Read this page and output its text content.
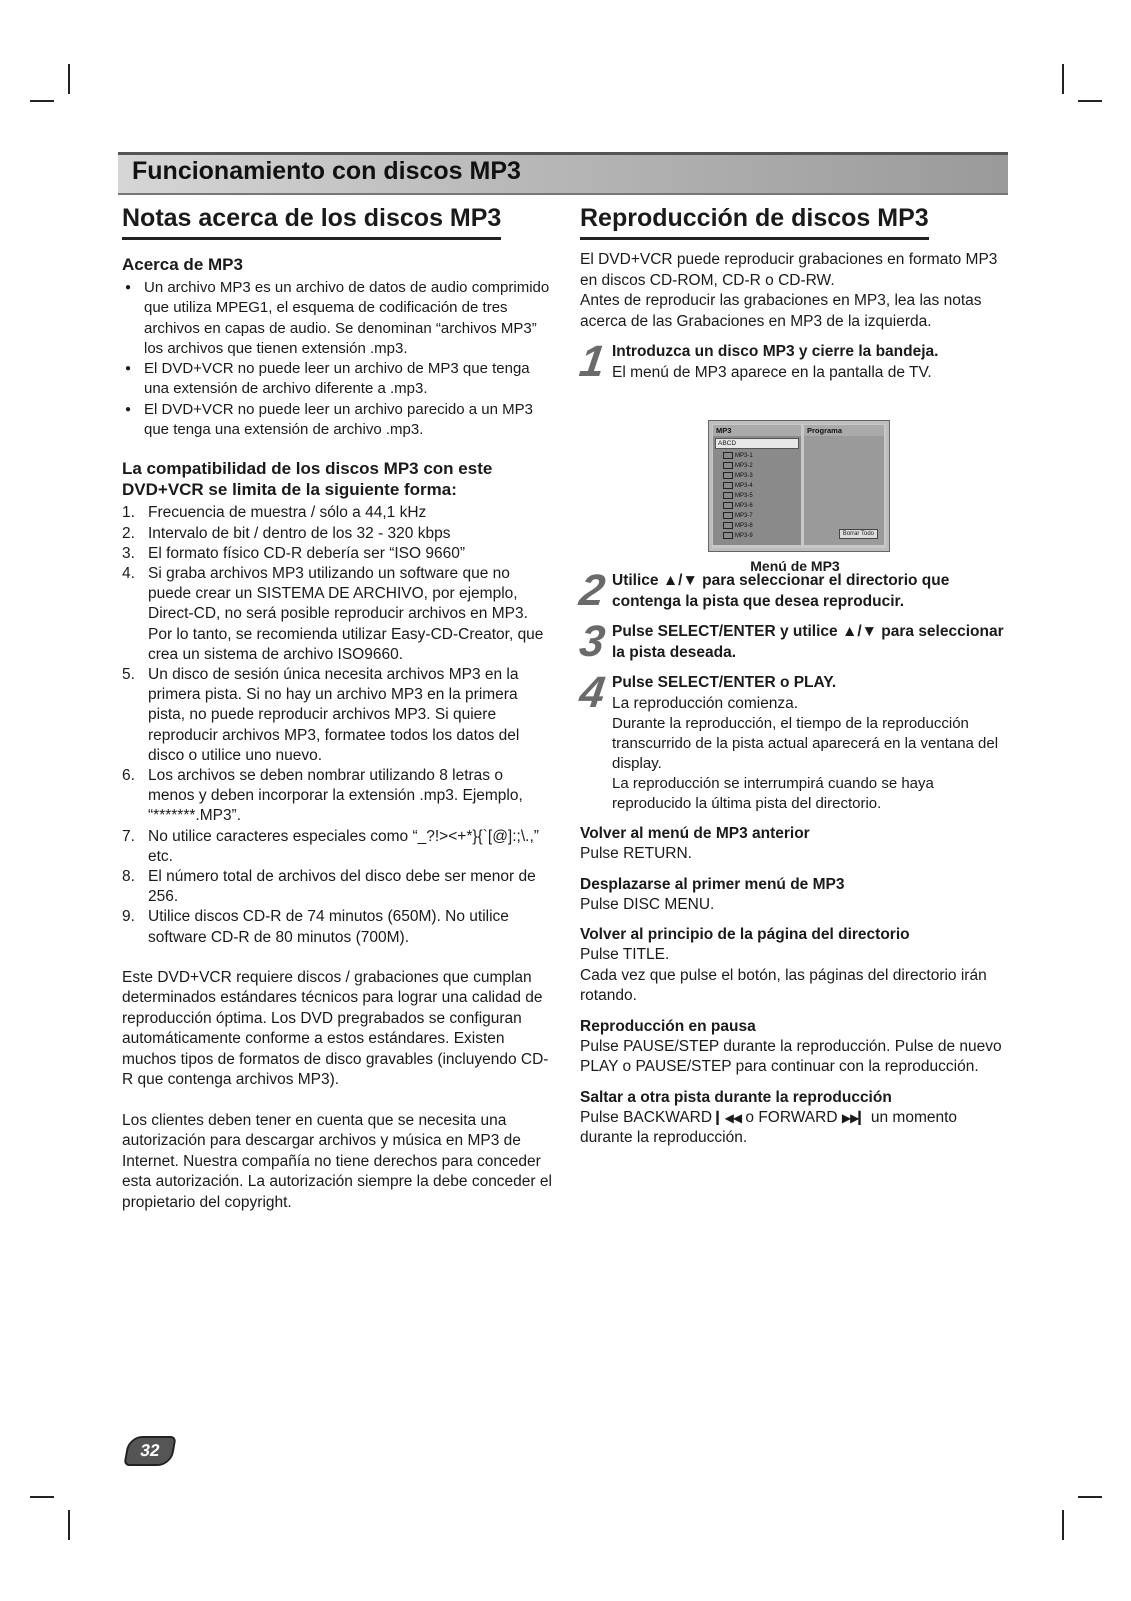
Funcionamiento con discos MP3
Notas acerca de los discos MP3
Acerca de MP3
● Un archivo MP3 es un archivo de datos de audio comprimido que utiliza MPEG1, el esquema de codificación de tres archivos en capas de audio. Se denominan “archivos MP3” los archivos que tienen extensión .mp3.
● El DVD+VCR no puede leer un archivo de MP3 que tenga una extensión de archivo diferente a .mp3.
● El DVD+VCR no puede leer un archivo parecido a un MP3 que tenga una extensión de archivo .mp3.
La compatibilidad de los discos MP3 con este DVD+VCR se limita de la siguiente forma:
1. Frecuencia de muestra / sólo a 44,1 kHz
2. Intervalo de bit / dentro de los 32 - 320 kbps
3. El formato físico CD-R debería ser “ISO 9660”
4. Si graba archivos MP3 utilizando un software que no puede crear un SISTEMA DE ARCHIVO, por ejemplo, Direct-CD, no será posible reproducir archivos en MP3. Por lo tanto, se recomienda utilizar Easy-CD-Creator, que crea un sistema de archivo ISO9660.
5. Un disco de sesión única necesita archivos MP3 en la primera pista. Si no hay un archivo MP3 en la primera pista, no puede reproducir archivos MP3. Si quiere reproducir archivos MP3, formatee todos los datos del disco o utilice uno nuevo.
6. Los archivos se deben nombrar utilizando 8 letras o menos y deben incorporar la extensión .mp3. Ejemplo, “*******.MP3”.
7. No utilice caracteres especiales como “_?!><+*}{`[@]:;\.,” etc.
8. El número total de archivos del disco debe ser menor de 256.
9. Utilice discos CD-R de 74 minutos (650M). No utilice software CD-R de 80 minutos (700M).

Este DVD+VCR requiere discos / grabaciones que cumplan determinados estándares técnicos para lograr una calidad de reproducción óptima. Los DVD pregrabados se configuran automáticamente conforme a estos estándares. Existen muchos tipos de formatos de disco gravables (incluyendo CD-R que contenga archivos MP3).

Los clientes deben tener en cuenta que se necesita una autorización para descargar archivos y música en MP3 de Internet. Nuestra compañía no tiene derechos para conceder esta autorización. La autorización siempre la debe conceder el propietario del copyright.

Reproducción de discos MP3

El DVD+VCR puede reproducir grabaciones en formato MP3 en discos CD-ROM, CD-R o CD-RW.

Antes de reproducir las grabaciones en MP3, lea las notas acerca de las Grabaciones en MP3 de la izquierda.

1 Introduzca un disco MP3 y cierre la bandeja.
El menú de MP3 aparece en la pantalla de TV.
2 Utilice ▲/▼ para seleccionar el directorio que contenga la pista que desea reproducir.
3 Pulse SELECT/ENTER y utilice ▲/▼ para seleccionar la pista deseada.
4 Pulse SELECT/ENTER o PLAY.
La reproducción comienza.
Durante la reproducción, el tiempo de la reproducción transcurrido de la pista actual aparecerá en la ventana del display.
La reproducción se interrumpirá cuando se haya reproducido la última pista del directorio.
Volver al menú de MP3 anterior

Pulse RETURN.

Desplazarse al primer menú de MP3

Pulse DISC MENU.

Volver al principio de la página del directorio

Pulse TITLE.

Cada vez que pulse el botón, las páginas del directorio irán rotando.

Reproducción en pausa

Pulse PAUSE/STEP durante la reproducción. Pulse de nuevo PLAY o PAUSE/STEP para continuar con la reproducción.

Saltar a otra pista durante la reproducción

Pulse BACKWARD ▎◀◀ o FORWARD ▶▶▎ un momento durante la reproducción.

MP3
ABCD
MP3-1
MP3-2
MP3-3
MP3-4
MP3-5
MP3-6
MP3-7
MP3-8
MP3-9
Programa
Borrar Todo
Menú de MP3
32
